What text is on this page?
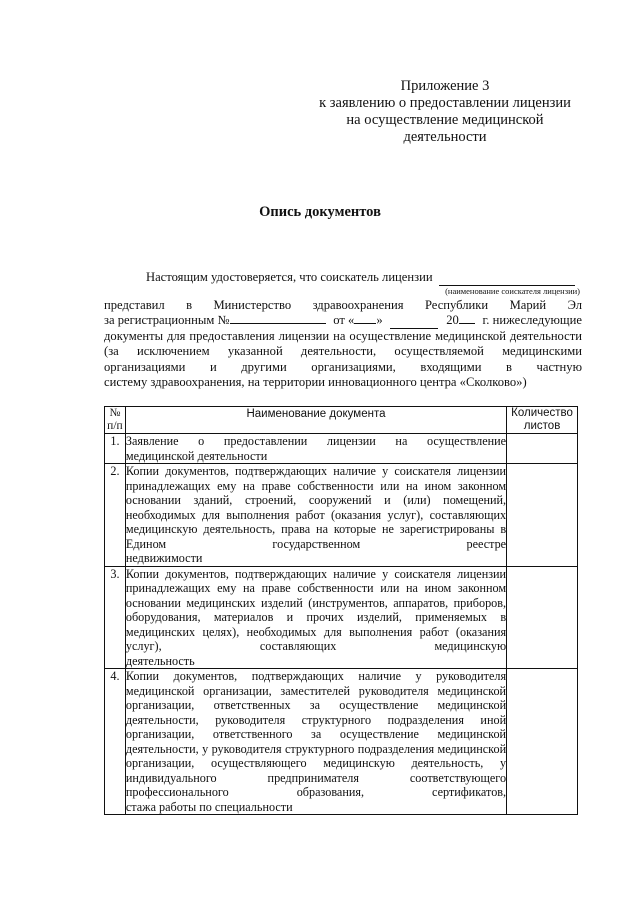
Приложение 3
к заявлению о предоставлении лицензии
на осуществление медицинской
деятельности
Опись документов
Настоящим удостоверяется, что соискатель лицензии
(наименование соискателя лицензии)
представил в Министерство здравоохранения Республики Марий Эл
за регистрационным №	от « »	20	г. нижеследующие
документы для предоставления лицензии на осуществление медицинской деятельности (за исключением указанной деятельности, осуществляемой медицинскими организациями и другими организациями, входящими в частную
систему здравоохранения, на территории инновационного центра «Сколково»)
№ п/п	Наименование документа	Количество листов
1.	Заявление о предоставлении лицензии на осуществление
медицинской деятельности	

2.	Копии документов, подтверждающих наличие у соискателя лицензии принадлежащих ему на праве собственности или на ином законном основании зданий, строений, сооружений и (или) помещений, необходимых для выполнения работ (оказания услуг), составляющих медицинскую деятельность, права на которые не зарегистрированы в Едином государственном реестре
недвижимости	

3.	Копии документов, подтверждающих наличие у соискателя лицензии принадлежащих ему на праве собственности или на ином законном основании медицинских изделий (инструментов, аппаратов, приборов, оборудования, материалов и прочих изделий, применяемых в медицинских целях), необходимых для выполнения работ (оказания услуг), составляющих медицинскую
деятельность	

4.	Копии документов, подтверждающих наличие у руководителя медицинской организации, заместителей руководителя медицинской организации, ответственных за осуществление медицинской деятельности, руководителя структурного подразделения иной организации, ответственного за осуществление медицинской деятельности, у руководителя структурного подразделения медицинской организации, осуществляющего медицинскую деятельность, у индивидуального предпринимателя соответствующего профессионального образования, сертификатов,
стажа работы по специальности	
